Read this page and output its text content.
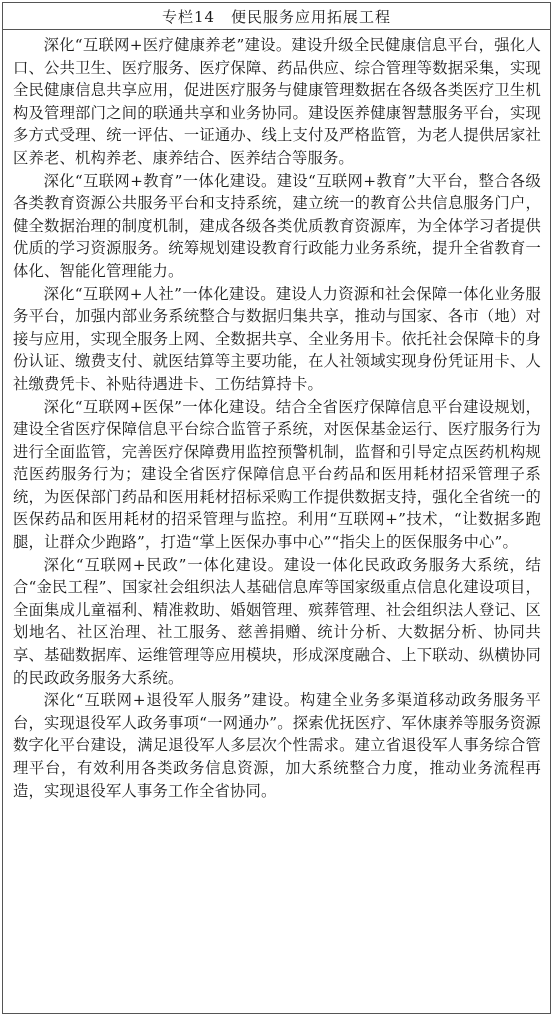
专栏14　便民服务应用拓展工程

深化“互联网+医疗健康养老”建设。建设升级全民健康信息平台，强化人口、公共卫生、医疗服务、医疗保障、药品供应、综合管理等数据采集，实现全民健康信息共享应用，促进医疗服务与健康管理数据在各级各类医疗卫生机构及管理部门之间的联通共享和业务协同。建设医养健康智慧服务平台，实现多方式受理、统一评估、一证通办、线上支付及严格监管，为老人提供居家社区养老、机构养老、康养结合、医养结合等服务。

深化“互联网+教育”一体化建设。建设“互联网+教育”大平台，整合各级各类教育资源公共服务平台和支持系统，建立统一的教育公共信息服务门户，健全数据治理的制度机制，建成各级各类优质教育资源库，为全体学习者提供优质的学习资源服务。统筹规划建设教育行政能力业务系统，提升全省教育一体化、智能化管理能力。

深化“互联网+人社”一体化建设。建设人力资源和社会保障一体化业务服务平台，加强内部业务系统整合与数据归集共享，推动与国家、各市（地）对接与应用，实现全服务上网、全数据共享、全业务用卡。依托社会保障卡的身份认证、缴费支付、就医结算等主要功能，在人社领域实现身份凭证用卡、人社缴费凭卡、补贴待遇进卡、工伤结算持卡。

深化“互联网+医保”一体化建设。结合全省医疗保障信息平台建设规划，建设全省医疗保障信息平台综合监管子系统，对医保基金运行、医疗服务行为进行全面监管，完善医疗保障费用监控预警机制，监督和引导定点医药机构规范医药服务行为；建设全省医疗保障信息平台药品和医用耗材招采管理子系统，为医保部门药品和医用耗材招标采购工作提供数据支持，强化全省统一的医保药品和医用耗材的招采管理与监控。利用“互联网+”技术，“让数据多跑腿，让群众少跑路”，打造“掌上医保办事中心”“指尖上的医保服务中心”。

深化“互联网+民政”一体化建设。建设一体化民政政务服务大系统，结合“金民工程”、国家社会组织法人基础信息库等国家级重点信息化建设项目，全面集成儿童福利、精准救助、婚姻管理、殡葬管理、社会组织法人登记、区划地名、社区治理、社工服务、慈善捐赠、统计分析、大数据分析、协同共享、基础数据库、运维管理等应用模块，形成深度融合、上下联动、纵横协同的民政政务服务大系统。

深化“互联网+退役军人服务”建设。构建全业务多渠道移动政务服务平台，实现退役军人政务事项“一网通办”。探索优抚医疗、军休康养等服务资源数字化平台建设，满足退役军人多层次个性需求。建立省退役军人事务综合管理平台，有效利用各类政务信息资源，加大系统整合力度，推动业务流程再造，实现退役军人事务工作全省协同。
